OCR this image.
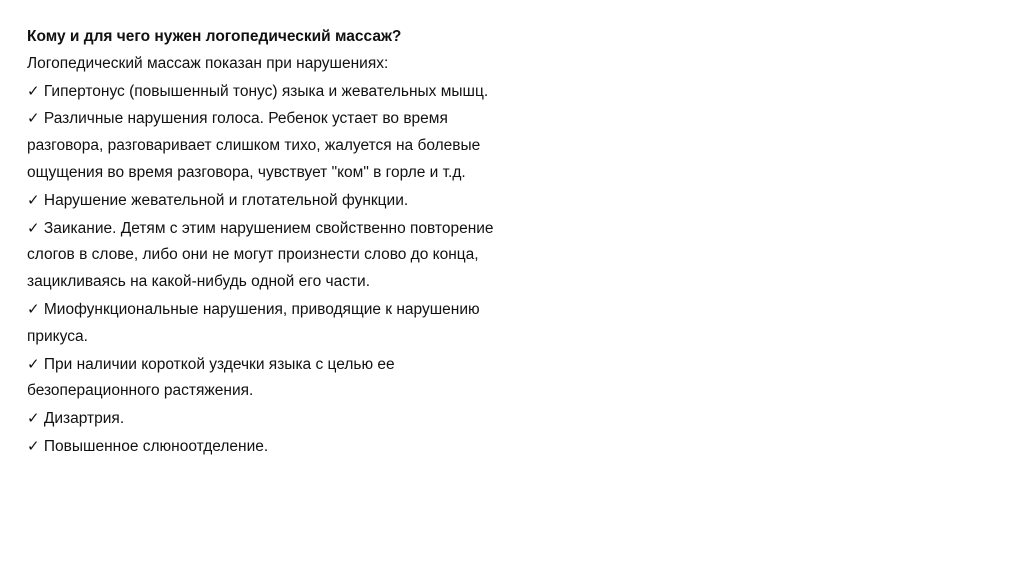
Кому и для чего нужен логопедический массаж?

Логопедический массаж показан при нарушениях:

✓ Гипертонус (повышенный тонус) языка и жевательных мышц.
✓ Различные нарушения голоса. Ребенок устает во время разговора, разговаривает слишком тихо, жалуется на болевые ощущения во время разговора, чувствует "ком" в горле и т.д.
✓ Нарушение жевательной и глотательной функции.
✓ Заикание. Детям с этим нарушением свойственно повторение слогов в слове, либо они не могут произнести слово до конца, зацикливаясь на какой-нибудь одной его части.
✓ Миофункциональные нарушения, приводящие к нарушению прикуса.
✓ При наличии короткой уздечки языка с целью ее безоперационного растяжения.
✓ Дизартрия.
✓ Повышенное слюноотделение.
